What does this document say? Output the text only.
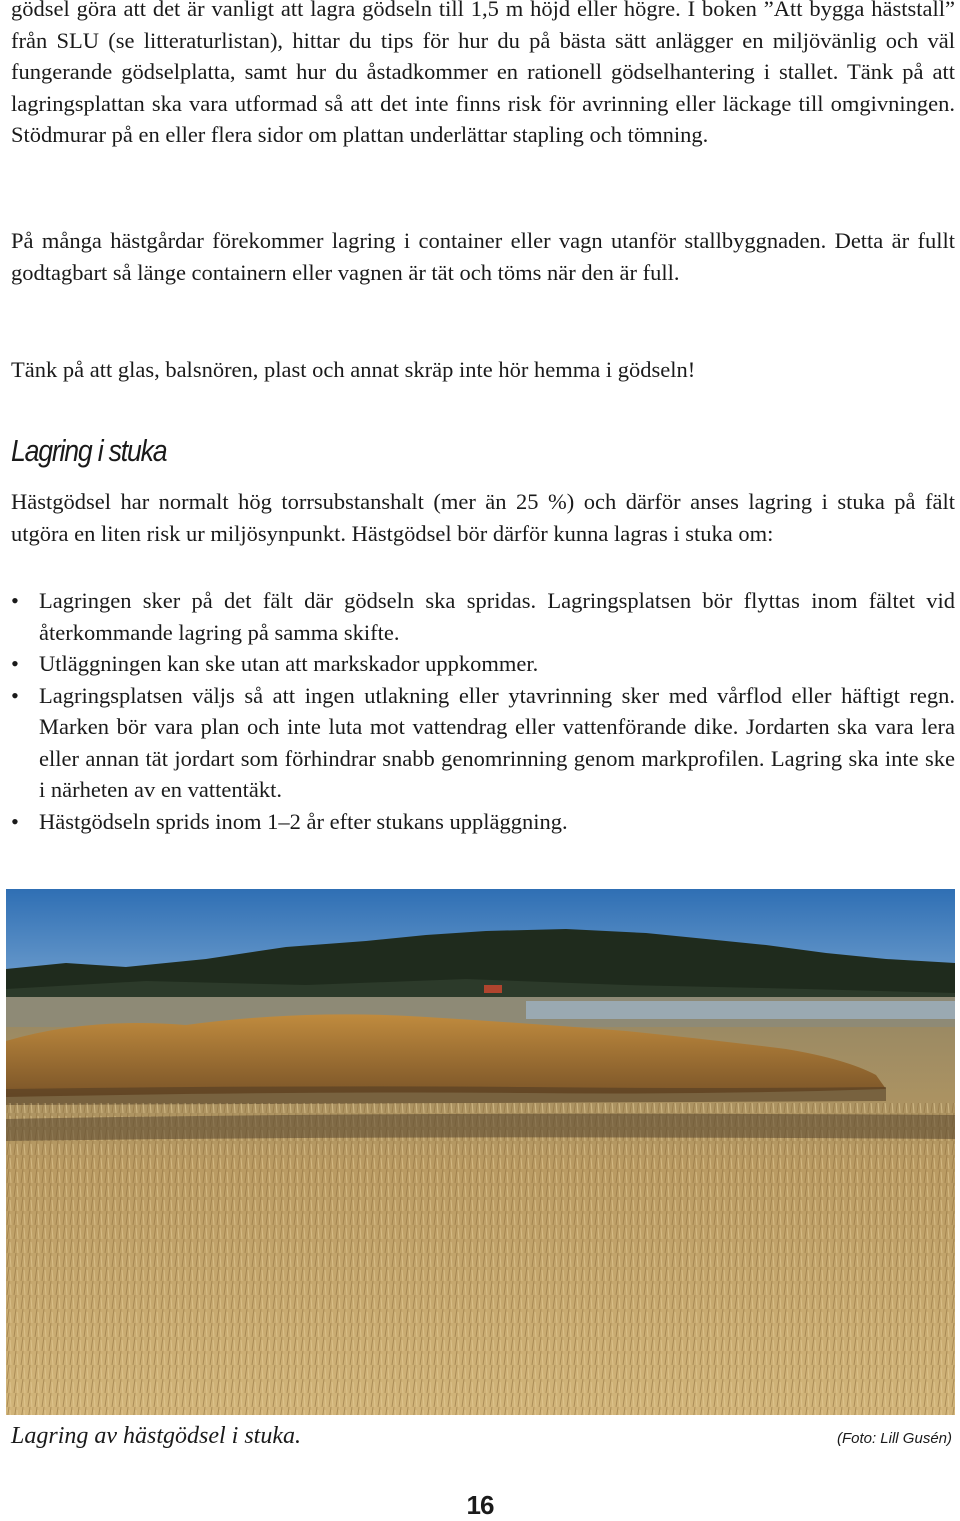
gödsel göra att det är vanligt att lagra gödseln till 1,5 m höjd eller högre. I boken ”Att bygga häststall” från SLU (se litteraturlistan), hittar du tips för hur du på bästa sätt anlägger en miljövänlig och väl fungerande gödselplatta, samt hur du åstadkommer en rationell gödselhantering i stallet. Tänk på att lagringsplattan ska vara utformad så att det inte finns risk för avrinning eller läckage till omgivningen. Stödmurar på en eller flera sidor om plattan underlättar stapling och tömning.

På många hästgårdar förekommer lagring i container eller vagn utanför stallbyggnaden. Detta är fullt godtagbart så länge containern eller vagnen är tät och töms när den är full.

Tänk på att glas, balsnören, plast och annat skräp inte hör hemma i gödseln!

Lagring i stuka

Hästgödsel har normalt hög torrsubstanshalt (mer än 25 %) och därför anses lagring i stuka på fält utgöra en liten risk ur miljösynpunkt. Hästgödsel bör därför kunna lagras i stuka om:

• Lagringen sker på det fält där gödseln ska spridas. Lagringsplatsen bör flyttas inom fältet vid återkommande lagring på samma skifte.
• Utläggningen kan ske utan att markskador uppkommer.
• Lagringsplatsen väljs så att ingen utlakning eller ytavrinning sker med vårflod eller häftigt regn. Marken bör vara plan och inte luta mot vattendrag eller vattenförande dike. Jordarten ska vara lera eller annan tät jordart som förhindrar snabb genomrinning genom markprofilen. Lagring ska inte ske i närheten av en vattentäkt.
• Hästgödseln sprids inom 1–2 år efter stukans uppläggning.
Lagring av hästgödsel i stuka.	(Foto: Lill Gusén)
16
